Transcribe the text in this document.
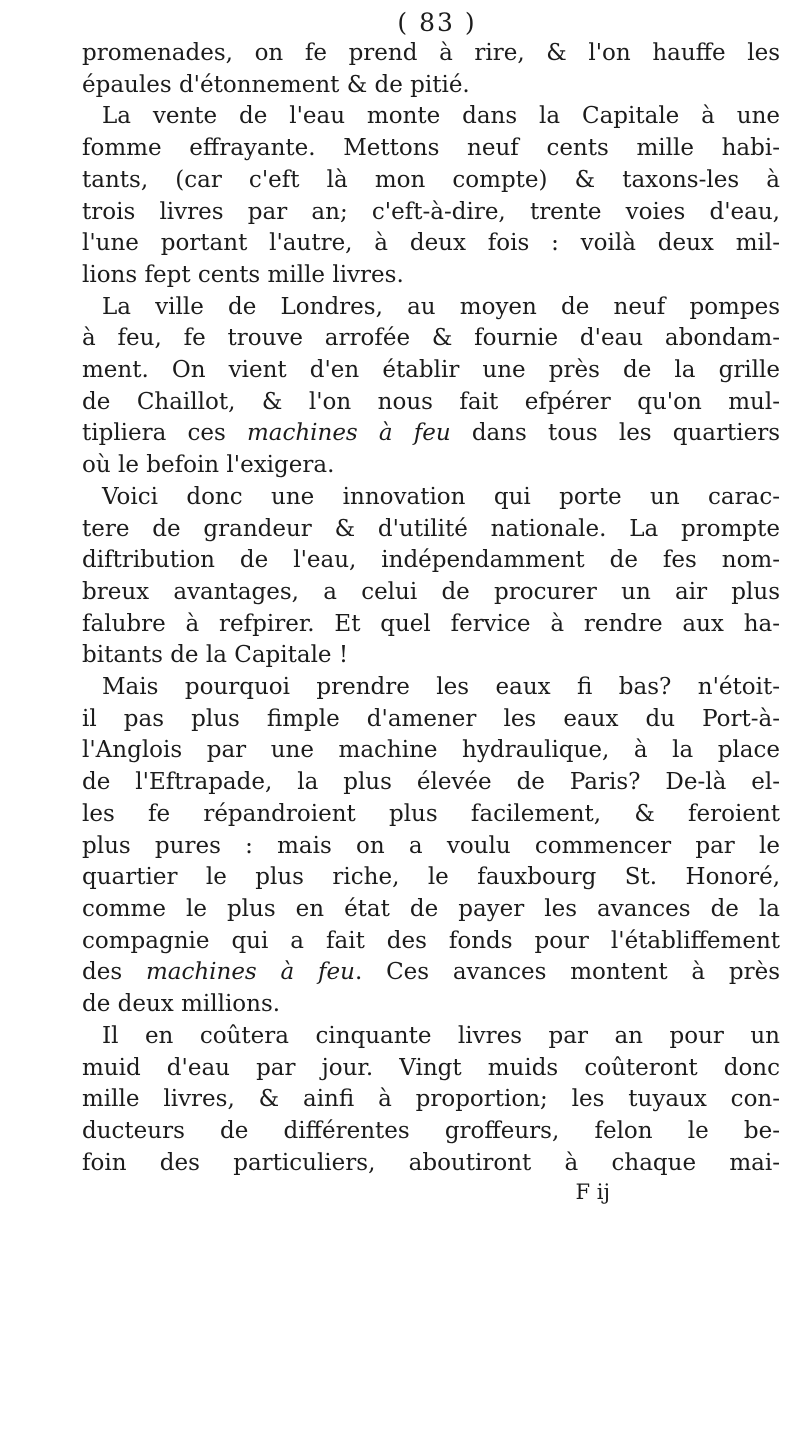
( 83 )
promenades, on fe prend à rire, & l'on hauffe les
épaules d'étonnement & de pitié.
La vente de l'eau monte dans la Capitale à une
fomme effrayante. Mettons neuf cents mille habi-
tants, (car c'eft là mon compte) & taxons-les à
trois livres par an; c'eft-à-dire, trente voies d'eau,
l'une portant l'autre, à deux fois : voilà deux mil-
lions fept cents mille livres.
La ville de Londres, au moyen de neuf pompes
à feu, fe trouve arrofée & fournie d'eau abondam-
ment. On vient d'en établir une près de la grille
de Chaillot, & l'on nous fait efpérer qu'on mul-
tipliera ces machines à feu dans tous les quartiers
où le befoin l'exigera.
Voici donc une innovation qui porte un carac-
tere de grandeur & d'utilité nationale. La prompte
diftribution de l'eau, indépendamment de fes nom-
breux avantages, a celui de procurer un air plus
falubre à refpirer. Et quel fervice à rendre aux ha-
bitants de la Capitale !
Mais pourquoi prendre les eaux fi bas? n'étoit-
il pas plus fimple d'amener les eaux du Port-à-
l'Anglois par une machine hydraulique, à la place
de l'Eftrapade, la plus élevée de Paris? De-là el-
les fe répandroient plus facilement, & feroient
plus pures : mais on a voulu commencer par le
quartier le plus riche, le fauxbourg St. Honoré,
comme le plus en état de payer les avances de la
compagnie qui a fait des fonds pour l'établiffement
des machines à feu. Ces avances montent à près
de deux millions.
Il en coûtera cinquante livres par an pour un
muid d'eau par jour. Vingt muids coûteront donc
mille livres, & ainfi à proportion; les tuyaux con-
ducteurs de différentes groffeurs, felon le be-
foin des particuliers, aboutiront à chaque mai-
F ij
